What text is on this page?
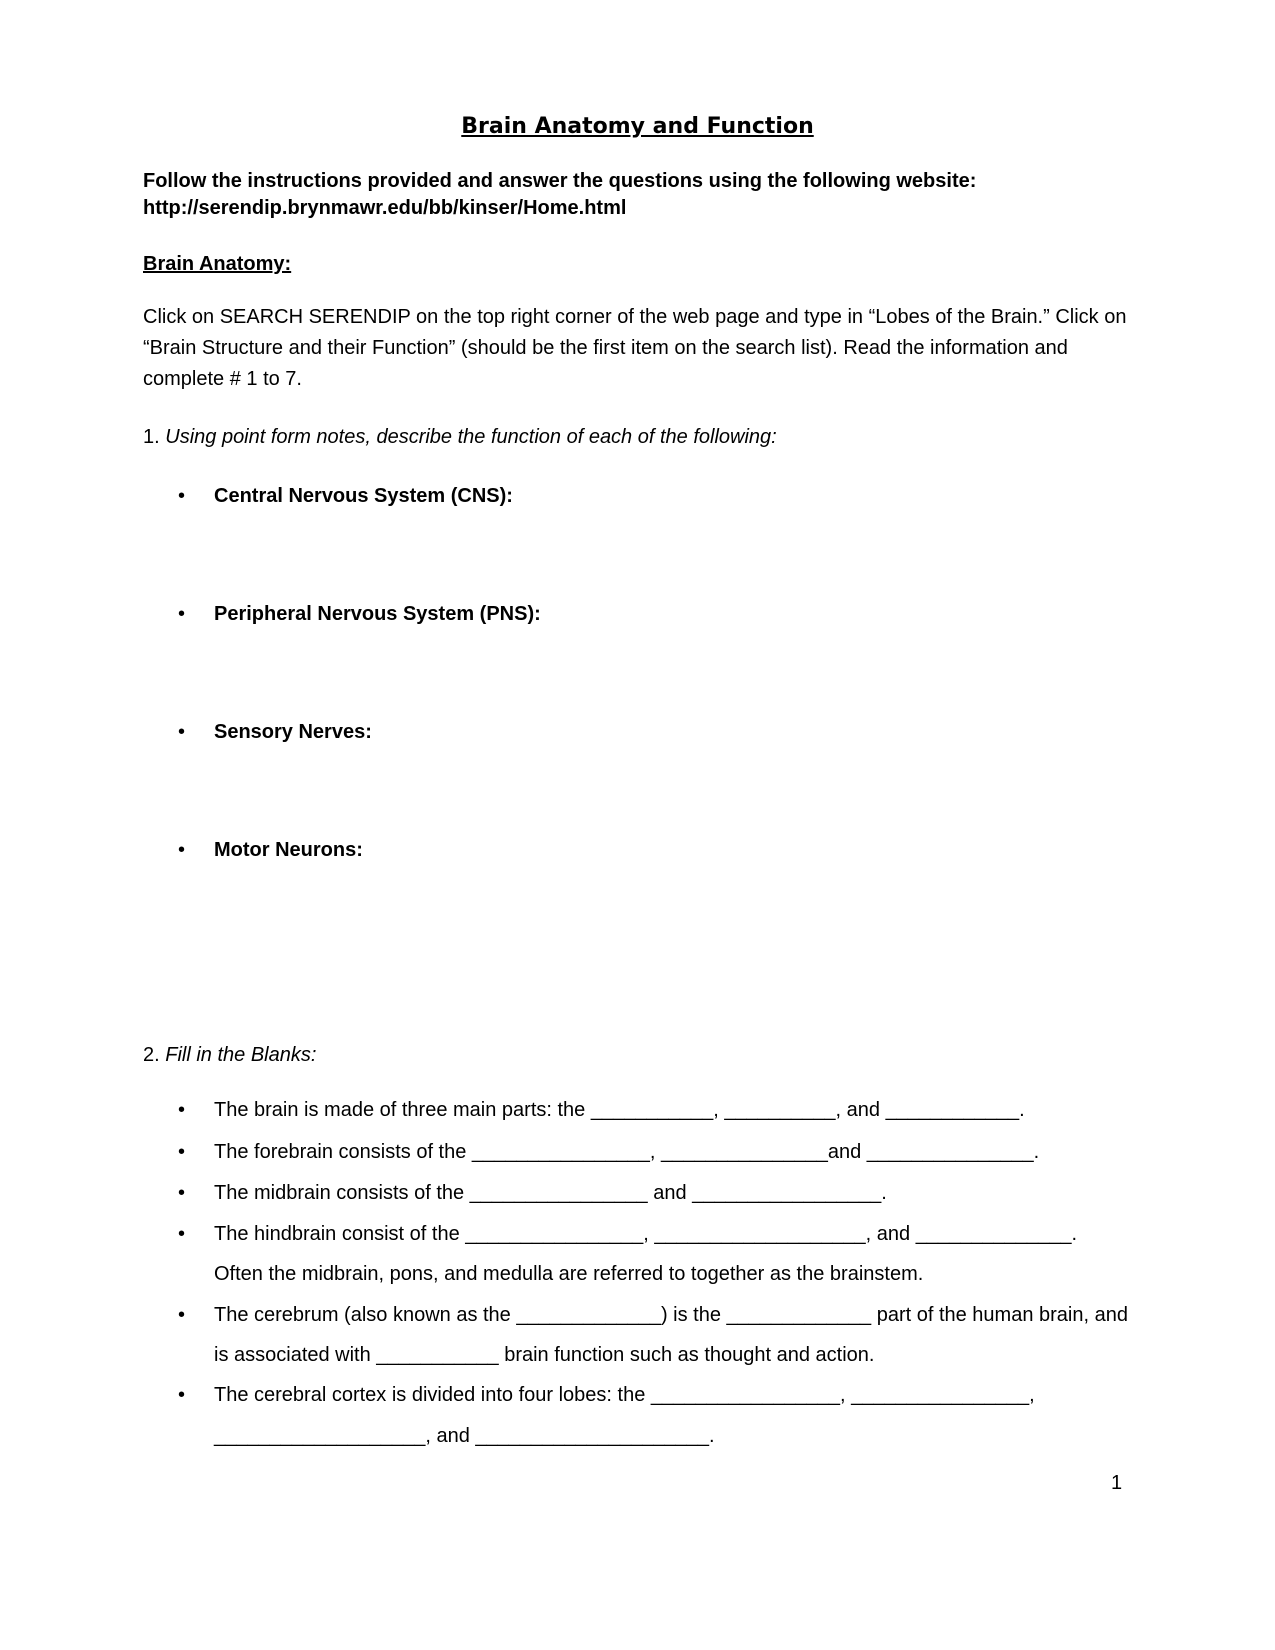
Brain Anatomy and Function
Follow the instructions provided and answer the questions using the following website:
http://serendip.brynmawr.edu/bb/kinser/Home.html
Brain Anatomy:
Click on SEARCH SERENDIP on the top right corner of the web page and type in “Lobes of the Brain.” Click on
“Brain Structure and their Function” (should be the first item on the search list). Read the information and
complete # 1 to 7.
1. Using point form notes, describe the function of each of the following:
• Central Nervous System (CNS):
• Peripheral Nervous System (PNS):
• Sensory Nerves:
• Motor Neurons:
2. Fill in the Blanks:
• The brain is made of three main parts: the ___________, __________, and ____________.
• The forebrain consists of the ________________, _______________and _______________.
• The midbrain consists of the ________________ and _________________.
• The hindbrain consist of the ________________, ___________________, and ______________.
Often the midbrain, pons, and medulla are referred to together as the brainstem.
• The cerebrum (also known as the _____________) is the _____________ part of the human brain, and
is associated with ___________ brain function such as thought and action.
• The cerebral cortex is divided into four lobes: the _________________, ________________,
___________________, and _____________________.
1
